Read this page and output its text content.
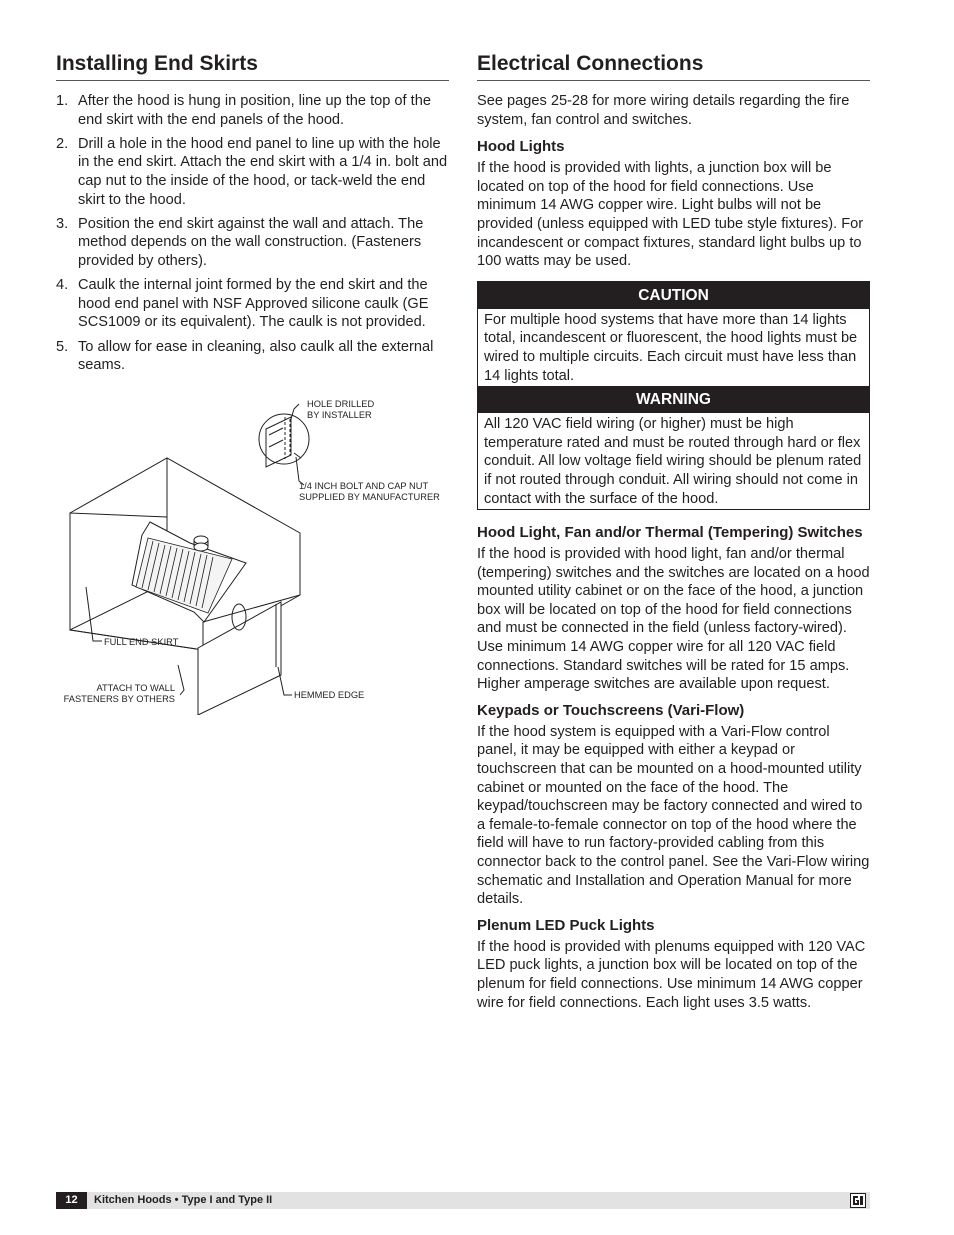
Installing End Skirts
1. After the hood is hung in position, line up the top of the end skirt with the end panels of the hood.
2. Drill a hole in the hood end panel to line up with the hole in the end skirt. Attach the end skirt with a 1/4 in. bolt and cap nut to the inside of the hood, or tack-weld the end skirt to the hood.
3. Position the end skirt against the wall and attach. The method depends on the wall construction. (Fasteners provided by others).
4. Caulk the internal joint formed by the end skirt and the hood end panel with NSF Approved silicone caulk (GE SCS1009 or its equivalent). The caulk is not provided.
5. To allow for ease in cleaning, also caulk all the external seams.
HOLE DRILLED
BY INSTALLER
1/4 INCH BOLT AND CAP NUT
SUPPLIED BY MANUFACTURER
FULL END SKIRT
ATTACH TO WALL
FASTENERS BY OTHERS	HEMMED EDGE
Electrical Connections

See pages 25-28 for more wiring details regarding the fire system, fan control and switches.

Hood Lights

If the hood is provided with lights, a junction box will be located on top of the hood for field connections. Use minimum 14 AWG copper wire. Light bulbs will not be provided (unless equipped with LED tube style fixtures). For incandescent or compact fixtures, standard light bulbs up to 100 watts may be used.

CAUTION
For multiple hood systems that have more than 14 lights total, incandescent or fluorescent, the hood lights must be wired to multiple circuits. Each circuit must have less than 14 lights total.
WARNING
All 120 VAC field wiring (or higher) must be high temperature rated and must be routed through hard or flex conduit. All low voltage field wiring should be plenum rated if not routed through conduit. All wiring should not come in contact with the surface of the hood.
Hood Light, Fan and/or Thermal (Tempering) Switches

If the hood is provided with hood light, fan and/or thermal (tempering) switches and the switches are located on a hood mounted utility cabinet or on the face of the hood, a junction box will be located on top of the hood for field connections and must be connected in the field (unless factory-wired). Use minimum 14 AWG copper wire for all 120 VAC field connections. Standard switches will be rated for 15 amps. Higher amperage switches are available upon request.

Keypads or Touchscreens (Vari-Flow)

If the hood system is equipped with a Vari-Flow control panel, it may be equipped with either a keypad or touchscreen that can be mounted on a hood-mounted utility cabinet or mounted on the face of the hood. The keypad/touchscreen may be factory connected and wired to a female-to-female connector on top of the hood where the field will have to run factory-provided cabling from this connector back to the control panel. See the Vari-Flow wiring schematic and Installation and Operation Manual for more details.

Plenum LED Puck Lights

If the hood is provided with plenums equipped with 120 VAC LED puck lights, a junction box will be located on top of the plenum for field connections. Use minimum 14 AWG copper wire for field connections. Each light uses 3.5 watts.

12	Kitchen Hoods • Type I and Type II
